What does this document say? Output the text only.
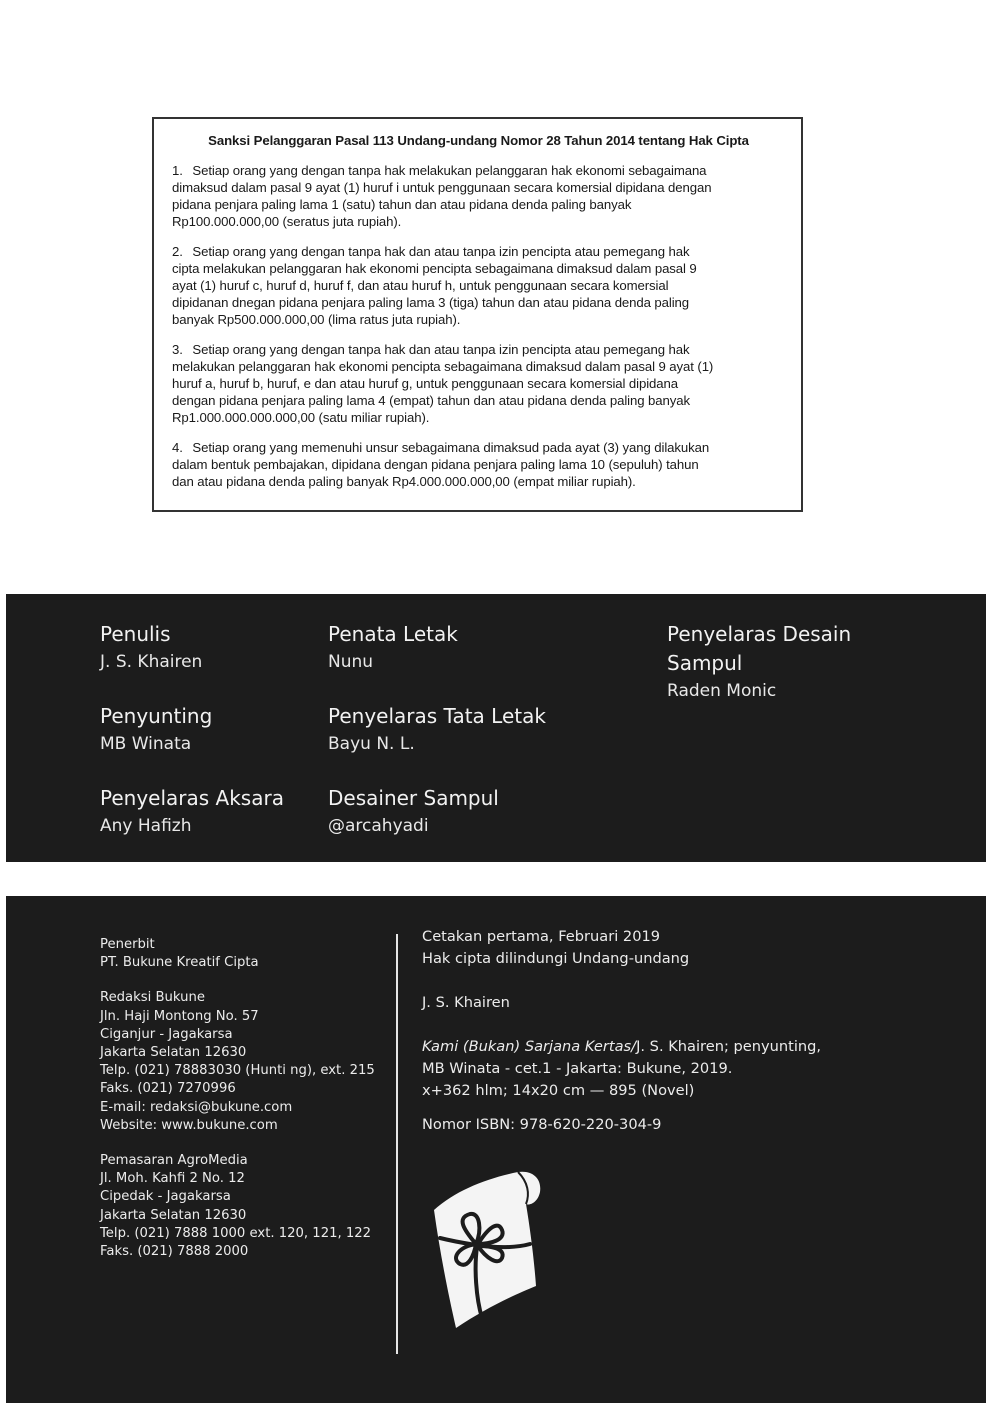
Sanksi Pelanggaran Pasal 113 Undang-undang Nomor 28 Tahun 2014 tentang Hak Cipta
1. Setiap orang yang dengan tanpa hak melakukan pelanggaran hak ekonomi sebagaimana
dimaksud dalam pasal 9 ayat (1) huruf i untuk penggunaan secara komersial dipidana dengan
pidana penjara paling lama 1 (satu) tahun dan atau pidana denda paling banyak
Rp100.000.000,00 (seratus juta rupiah).
2. Setiap orang yang dengan tanpa hak dan atau tanpa izin pencipta atau pemegang hak
cipta melakukan pelanggaran hak ekonomi pencipta sebagaimana dimaksud dalam pasal 9
ayat (1) huruf c, huruf d, huruf f, dan atau huruf h, untuk penggunaan secara komersial
dipidanan dnegan pidana penjara paling lama 3 (tiga) tahun dan atau pidana denda paling
banyak Rp500.000.000,00 (lima ratus juta rupiah).
3. Setiap orang yang dengan tanpa hak dan atau tanpa izin pencipta atau pemegang hak
melakukan pelanggaran hak ekonomi pencipta sebagaimana dimaksud dalam pasal 9 ayat (1)
huruf a, huruf b, huruf, e dan atau huruf g, untuk penggunaan secara komersial dipidana
dengan pidana penjara paling lama 4 (empat) tahun dan atau pidana denda paling banyak
Rp1.000.000.000.000,00 (satu miliar rupiah).
4. Setiap orang yang memenuhi unsur sebagaimana dimaksud pada ayat (3) yang dilakukan
dalam bentuk pembajakan, dipidana dengan pidana penjara paling lama 10 (sepuluh) tahun
dan atau pidana denda paling banyak Rp4.000.000.000,00 (empat miliar rupiah).
Penulis
J. S. Khairen
Penyunting
MB Winata
Penyelaras Aksara
Any Hafizh
Penata Letak
Nunu
Penyelaras Tata Letak
Bayu N. L.
Desainer Sampul
@arcahyadi
Penyelaras Desain
Sampul
Raden Monic
Penerbit
PT. Bukune Kreatif Cipta
Redaksi Bukune
Jln. Haji Montong No. 57
Ciganjur - Jagakarsa
Jakarta Selatan 12630
Telp. (021) 78883030 (Hunti ng), ext. 215
Faks. (021) 7270996
E-mail: redaksi@bukune.com
Website: www.bukune.com
Pemasaran AgroMedia
Jl. Moh. Kahfi 2 No. 12
Cipedak - Jagakarsa
Jakarta Selatan 12630
Telp. (021) 7888 1000 ext. 120, 121, 122
Faks. (021) 7888 2000
Cetakan pertama, Februari 2019
Hak cipta dilindungi Undang-undang
J. S. Khairen
Kami (Bukan) Sarjana Kertas/J. S. Khairen; penyunting,
MB Winata - cet.1 - Jakarta: Bukune, 2019.
x+362 hlm; 14x20 cm — 895 (Novel)
Nomor ISBN: 978-620-220-304-9
